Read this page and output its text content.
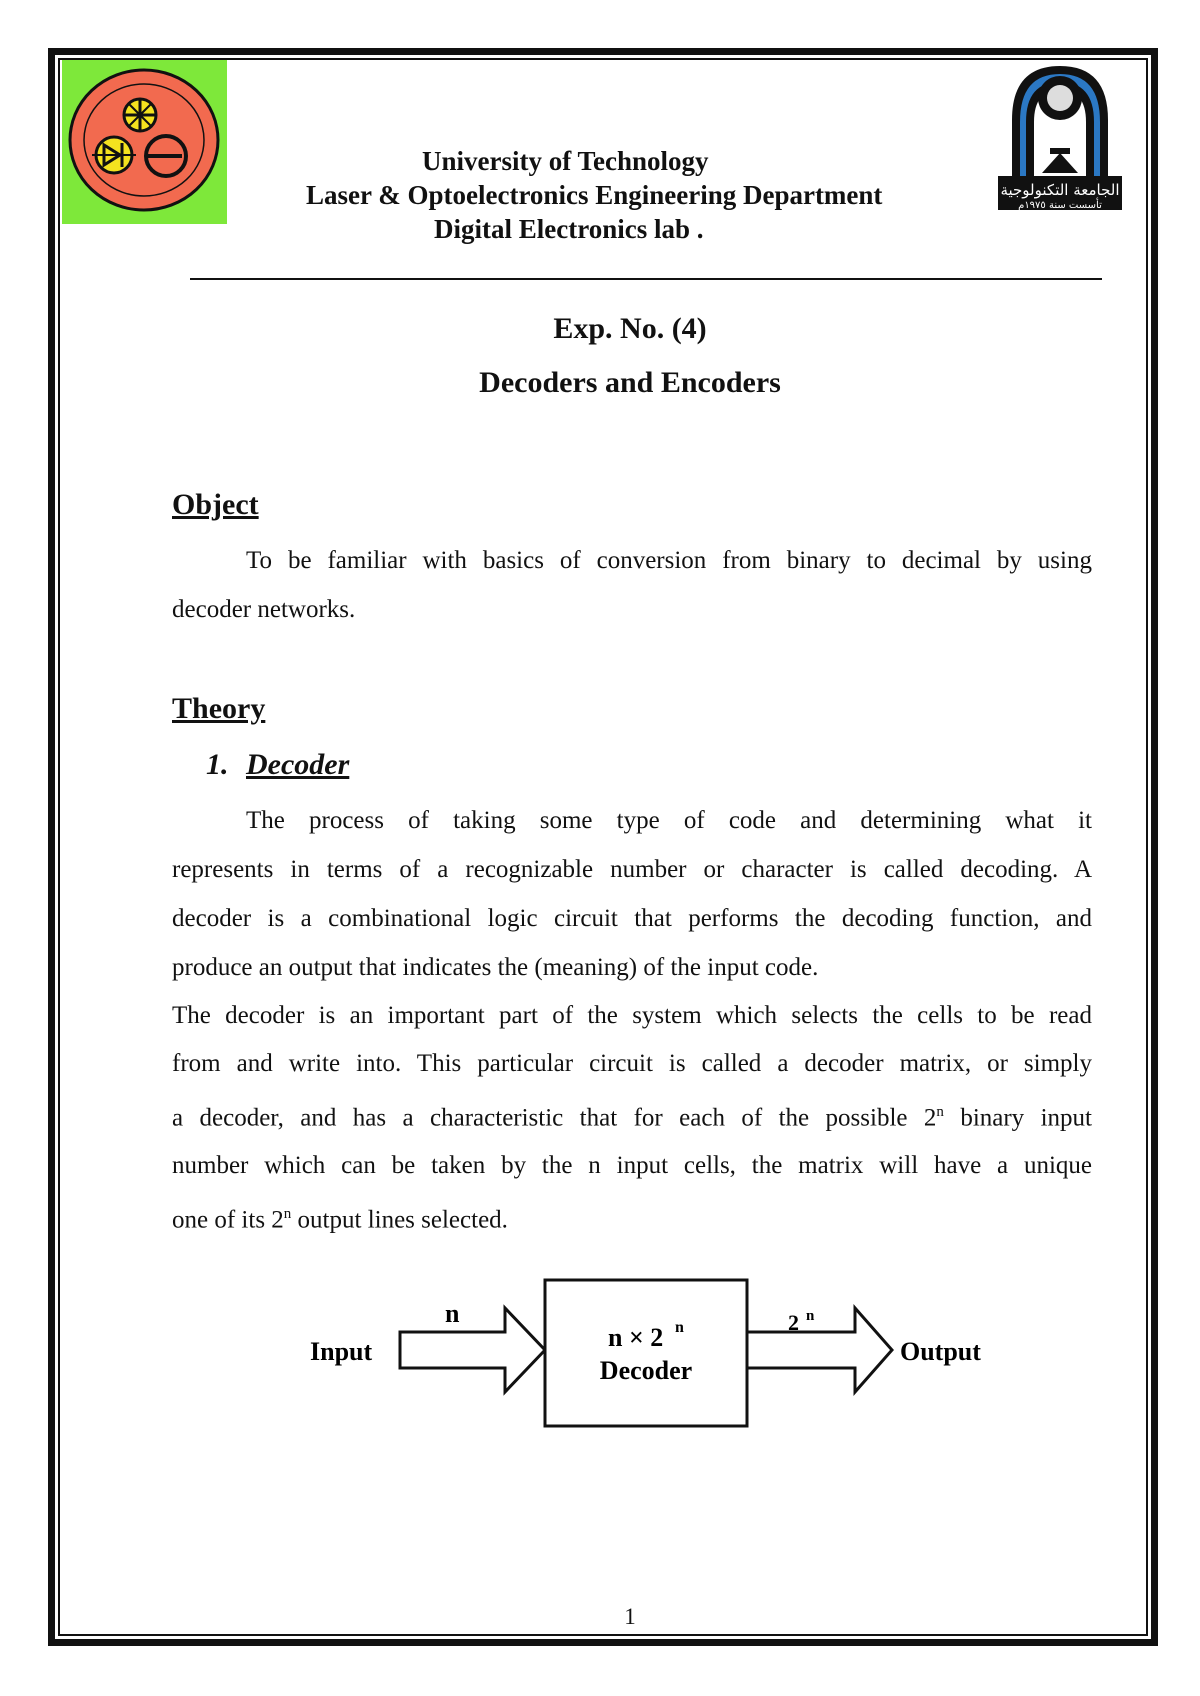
الجامعة التكنولوجية
تأسست سنة ١٩٧٥م
University of Technology
Laser & Optoelectronics Engineering Department
Digital Electronics lab .
Exp. No. (4)
Decoders and Encoders
Object
To be familiar with basics of conversion from binary to decimal by using
decoder networks.
Theory
1. Decoder
The process of taking some type of code and determining what it
represents in terms of a recognizable number or character is called decoding. A
decoder is a combinational logic circuit that performs the decoding function, and
produce an output that indicates the (meaning) of the input code.
The decoder is an important part of the system which selects the cells to be read
from and write into. This particular circuit is called a decoder matrix, or simply
a decoder, and has a characteristic that for each of the possible 2$^n$ binary input
number which can be taken by the n input cells, the matrix will have a unique
one of its 2$^n$ output lines selected.
Input
n
n × 2 n
Decoder
2 n
Output
1
